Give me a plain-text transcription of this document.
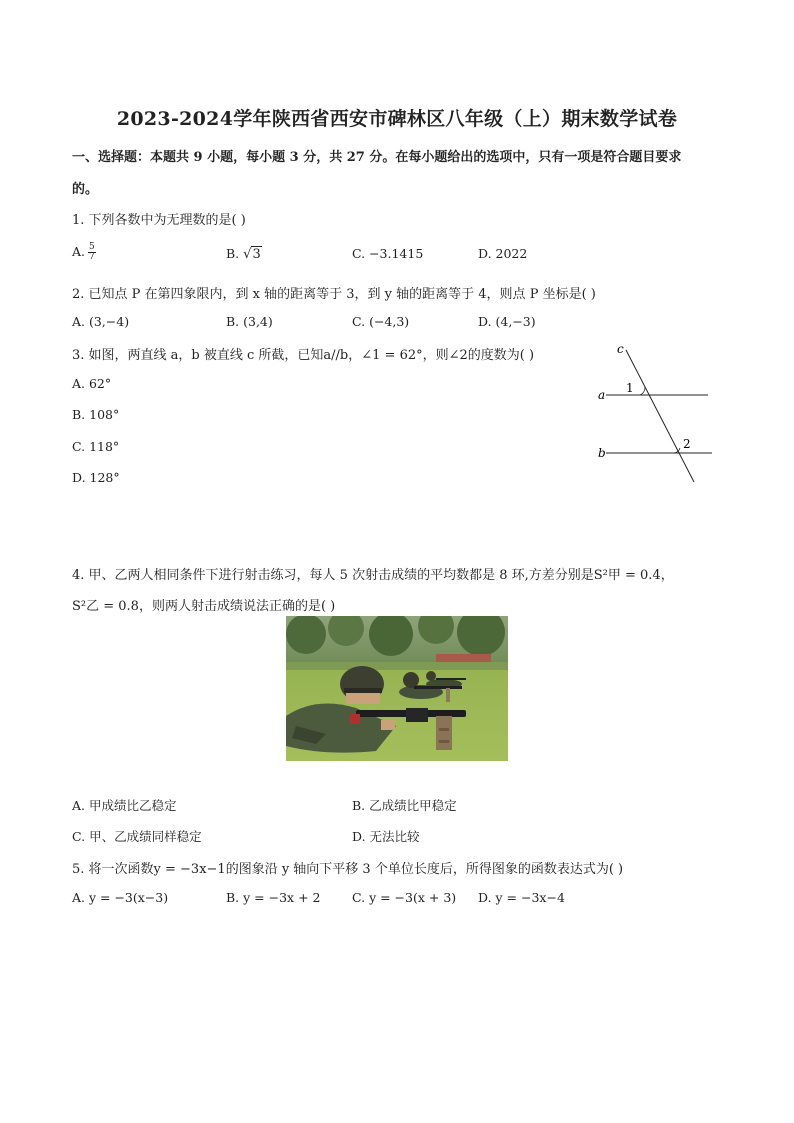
2023-2024学年陕西省西安市碑林区八年级（上）期末数学试卷
一、选择题：本题共 9 小题，每小题 3 分，共 27 分。在每小题给出的选项中，只有一项是符合题目要求
的。
1. 下列各数中为无理数的是( )
A. $\frac{5}{7}$	B. √3	C. −3.1415	D. 2022
2. 已知点 P 在第四象限内，到 x 轴的距离等于 3，到 y 轴的距离等于 4，则点 P 坐标是( )
A. (3,−4)	B. (3,4)	C. (−4,3)	D. (4,−3)
3. 如图，两直线 a，b 被直线 c 所截，已知a//b，∠1 = 62°，则∠2的度数为( )
A. 62°
B. 108°
C. 118°
D. 128°
c
a
b
1
2
4. 甲、乙两人相同条件下进行射击练习，每人 5 次射击成绩的平均数都是 8 环,方差分别是S²甲 = 0.4，
S²乙 = 0.8，则两人射击成绩说法正确的是( )
A. 甲成绩比乙稳定	B. 乙成绩比甲稳定
C. 甲、乙成绩同样稳定	D. 无法比较
5. 将一次函数y = −3x−1的图象沿 y 轴向下平移 3 个单位长度后，所得图象的函数表达式为( )
A. y = −3(x−3)	B. y = −3x + 2	C. y = −3(x + 3) D. y = −3x−4
